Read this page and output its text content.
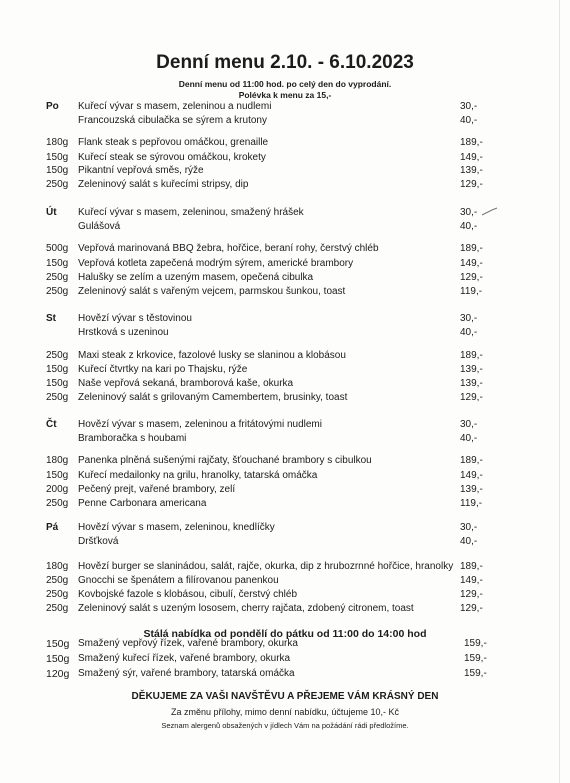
Denní menu 2.10. - 6.10.2023
Denní menu od 11:00 hod. po celý den do vyprodání.
Polévka k menu za 15,-
Po Kuřecí vývar s masem, zeleninou a nudlemi	30,-
Francouzská cibulačka se sýrem a krutony	40,-
180g Flank steak s pepřovou omáčkou, grenaille	189,-
150g Kuřecí steak se sýrovou omáčkou, krokety	149,-
150g Pikantní vepřová směs, rýže	139,-
250g Zeleninový salát s kuřecími stripsy, dip	129,-
Út Kuřecí vývar s masem, zeleninou, smažený hrášek	30,-
Gulášová	40,-
500g Vepřová marinovaná BBQ žebra, hořčice, beraní rohy, čerstvý chléb	189,-
150g Vepřová kotleta zapečená modrým sýrem, americké brambory	149,-
250g Halušky se zelím a uzeným masem, opečená cibulka	129,-
250g Zeleninový salát s vařeným vejcem, parmskou šunkou, toast	119,-
St Hovězí vývar s těstovinou	30,-
Hrstková s uzeninou	40,-
250g Maxi steak z krkovice, fazolové lusky se slaninou a klobásou	189,-
150g Kuřecí čtvrtky na kari po Thajsku, rýže	139,-
150g Naše vepřová sekaná, bramborová kaše, okurka	139,-
250g Zeleninový salát s grilovaným Camembertem, brusinky, toast	129,-
Čt Hovězí vývar s masem, zeleninou a fritátovými nudlemi	30,-
Bramboračka s houbami	40,-
180g Panenka plněná sušenými rajčaty, šťouchané brambory s cibulkou	189,-
150g Kuřecí medailonky na grilu, hranolky, tatarská omáčka	149,-
200g Pečený prejt, vařené brambory, zelí	139,-
250g Penne Carbonara americana	119,-
Pá Hovězí vývar s masem, zeleninou, knedlíčky	30,-
Dršťková	40,-
180g Hovězí burger se slaninádou, salát, rajče, okurka, dip z hrubozrnné hořčice, hranolky 189,-
250g Gnocchi se špenátem a filírovanou panenkou	149,-
250g Kovbojské fazole s klobásou, cibulí, čerstvý chléb	129,-
250g Zeleninový salát s uzeným lososem, cherry rajčata, zdobený citronem, toast	129,-
Stálá nabídka od pondělí do pátku od 11:00 do 14:00 hod
150g Smažený vepřový řízek, vařené brambory, okurka	159,-
150g Smažený kuřecí řízek, vařené brambory, okurka	159,-
120g Smažený sýr, vařené brambory, tatarská omáčka	159,-
DĚKUJEME ZA VAŠI NAVŠTĚVU A PŘEJEME VÁM KRÁSNÝ DEN
Za změnu přílohy, mimo denní nabídku, účtujeme 10,- Kč
Seznam alergenů obsažených v jídlech Vám na požádání rádi předložíme.
